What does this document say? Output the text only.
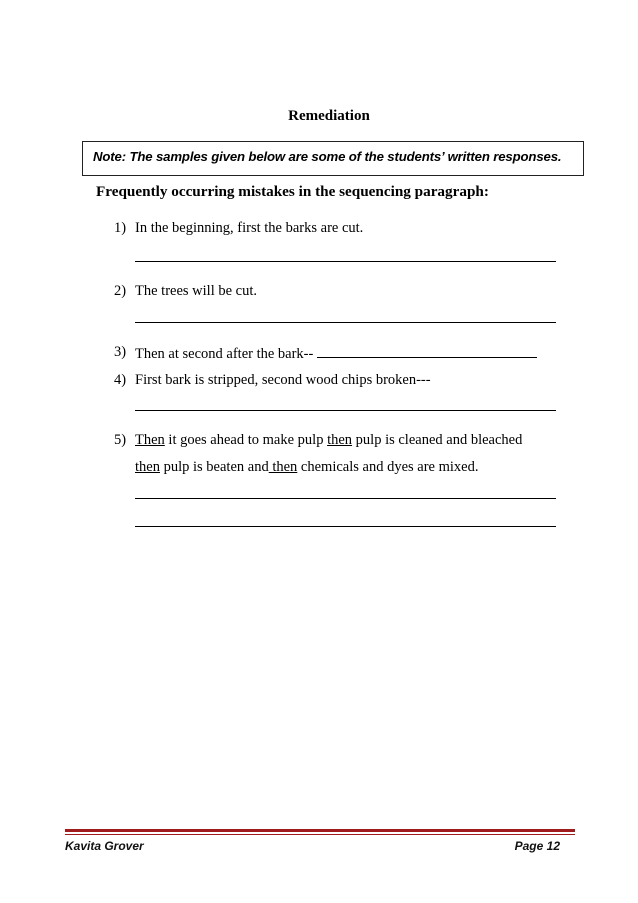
Remediation
Note: The samples given below are some of the students’ written responses.
Frequently occurring mistakes in the sequencing paragraph:
1) In the beginning, first the barks are cut.
2) The trees will be cut.
3) Then at second after the bark--
4) First bark is stripped, second wood chips broken---
5) Then it goes ahead to make pulp then pulp is cleaned and bleached
then pulp is beaten and then chemicals and dyes are mixed.
Kavita Grover	Page 12
